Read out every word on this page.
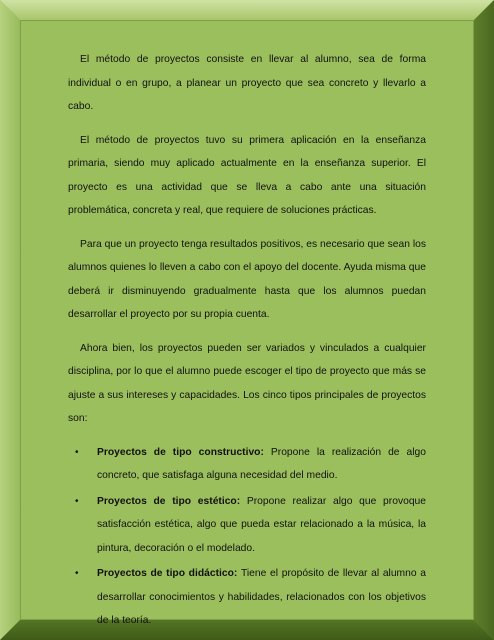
El método de proyectos consiste en llevar al alumno, sea de forma individual o en grupo, a planear un proyecto que sea concreto y llevarlo a cabo.

El método de proyectos tuvo su primera aplicación en la enseñanza primaria, siendo muy aplicado actualmente en la enseñanza superior. El proyecto es una actividad que se lleva a cabo ante una situación problemática, concreta y real, que requiere de soluciones prácticas.

Para que un proyecto tenga resultados positivos, es necesario que sean los alumnos quienes lo lleven a cabo con el apoyo del docente. Ayuda misma que deberá ir disminuyendo gradualmente hasta que los alumnos puedan desarrollar el proyecto por su propia cuenta.

Ahora bien, los proyectos pueden ser variados y vinculados a cualquier disciplina, por lo que el alumno puede escoger el tipo de proyecto que más se ajuste a sus intereses y capacidades. Los cinco tipos principales de proyectos son:

• Proyectos de tipo constructivo: Propone la realización de algo concreto, que satisfaga alguna necesidad del medio.
• Proyectos de tipo estético: Propone realizar algo que provoque satisfacción estética, algo que pueda estar relacionado a la música, la pintura, decoración o el modelado.
• Proyectos de tipo didáctico: Tiene el propósito de llevar al alumno a desarrollar conocimientos y habilidades, relacionados con los objetivos de la teoría.
